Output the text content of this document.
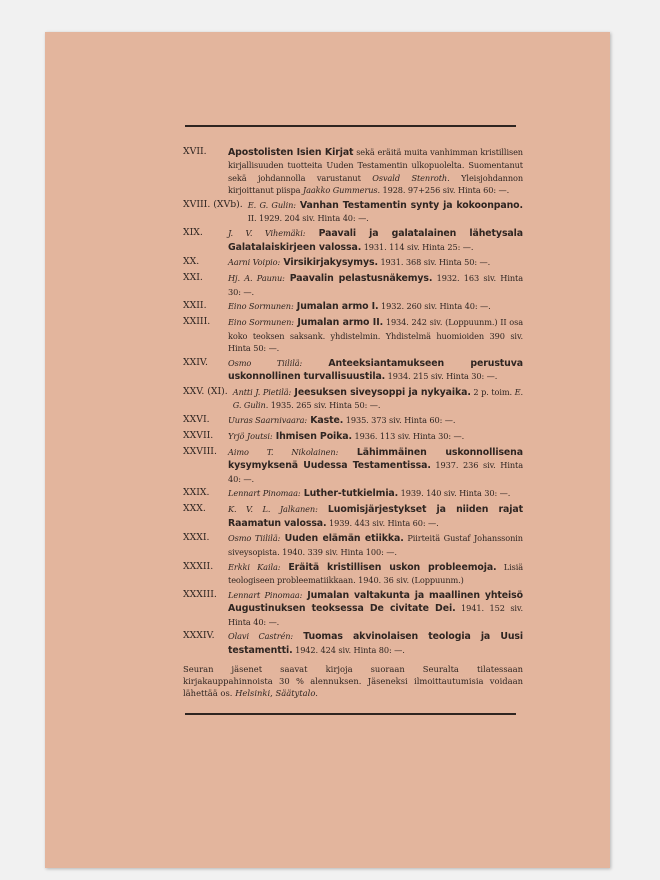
XVII.	Apostolisten Isien Kirjat sekä eräitä muita vanhimman kristillisen kirjallisuuden tuotteita Uuden Testamentin ulkopuolelta. Suomentanut sekä johdannolla varustanut Osvald Stenroth. Yleisjohdannon kirjoittanut piispa Jaakko Gummerus. 1928. 97+256 siv. Hinta 60: —.
XVIII. (XVb). E. G. Gulin: Vanhan Testamentin synty ja kokoonpano. II. 1929. 204 siv. Hinta 40: —.
XIX.	J. V. Vihemäki: Paavali ja galatalainen lähetysala Galatalaiskirjeen valossa. 1931. 114 siv. Hinta 25: —.
XX.	Aarni Voipio: Virsikirjakysymys. 1931. 368 siv. Hinta 50: —.
XXI.	Hj. A. Paunu: Paavalin pelastusnäkemys. 1932. 163 siv. Hinta 30: —.
XXII.	Eino Sormunen: Jumalan armo I. 1932. 260 siv. Hinta 40: —.
XXIII.	Eino Sormunen: Jumalan armo II. 1934. 242 siv. (Loppuunm.) II osa koko teoksen saksank. yhdistelmin. Yhdistelmä huomioiden 390 siv. Hinta 50: —.
XXIV.	Osmo Tiililä: Anteeksiantamukseen perustuva uskonnollinen turvallisuustila. 1934. 215 siv. Hinta 30: —.
XXV. (XI). Antti J. Pietilä: Jeesuksen siveysoppi ja nykyaika. 2 p. toim. E. G. Gulin. 1935. 265 siv. Hinta 50: —.
XXVI.	Uuras Saarnivaara: Kaste. 1935. 373 siv. Hinta 60: —.
XXVII.	Yrjö Joutsi: Ihmisen Poika. 1936. 113 siv. Hinta 30: —.
XXVIII.	Aimo T. Nikolainen: Lähimmäinen uskonnollisena kysymyksenä Uudessa Testamentissa. 1937. 236 siv. Hinta 40: —.
XXIX.	Lennart Pinomaa: Luther-tutkielmia. 1939. 140 siv. Hinta 30: —.
XXX.	K. V. L. Jalkanen: Luomisjärjestykset ja niiden rajat Raamatun valossa. 1939. 443 siv. Hinta 60: —.
XXXI.	Osmo Tiililä: Uuden elämän etiikka. Piirteitä Gustaf Johanssonin siveysopista. 1940. 339 siv. Hinta 100: —.
XXXII.	Erkki Kaila: Eräitä kristillisen uskon probleemoja. Lisiä teologiseen probleematiikkaan. 1940. 36 siv. (Loppuunm.)
XXXIII.	Lennart Pinomaa: Jumalan valtakunta ja maallinen yhteisö Augustinuksen teoksessa De civitate Dei. 1941. 152 siv. Hinta 40: —.
XXXIV.	Olavi Castrén: Tuomas akvinolaisen teologia ja Uusi testamentti. 1942. 424 siv. Hinta 80: —.
Seuran jäsenet saavat kirjoja suoraan Seuralta tilatessaan kirjakauppahinnoista 30 % alennuksen. Jäseneksi ilmoittautumisia voidaan lähettää os. Helsinki, Säätytalo.
